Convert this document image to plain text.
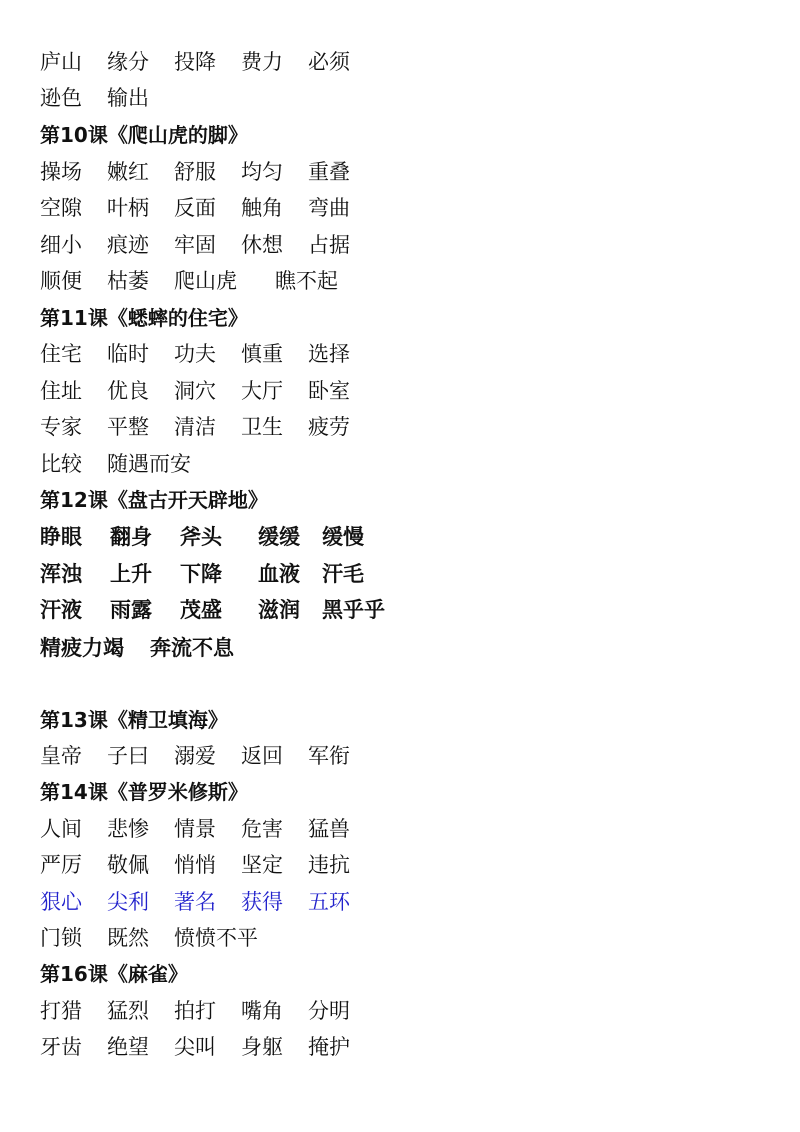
庐山 缘分 投降 费力 必须
逊色 输出
第10课《爬山虎的脚》
操场 嫩红 舒服 均匀 重叠
空隙 叶柄 反面 触角 弯曲
细小 痕迹 牢固 休想 占据
顺便 枯萎 爬山虎 瞧不起
第11课《蟋蟀的住宅》
住宅 临时 功夫 慎重 选择
住址 优良 洞穴 大厅 卧室
专家 平整 清洁 卫生 疲劳
比较 随遇而安
第12课《盘古开天辟地》
睁眼 翻身 斧头 缓缓 缓慢
浑浊 上升 下降 血液 汗毛
汗液 雨露 茂盛 滋润 黑乎乎
精疲力竭 奔流不息
第13课《精卫填海》
皇帝 子曰 溺爱 返回 军衔
第14课《普罗米修斯》
人间 悲惨 情景 危害 猛兽
严厉 敬佩 悄悄 坚定 违抗
狠心 尖利 著名 获得 五环
门锁 既然 愤愤不平
第16课《麻雀》
打猎 猛烈 拍打 嘴角 分明
牙齿 绝望 尖叫 身躯 掩护
